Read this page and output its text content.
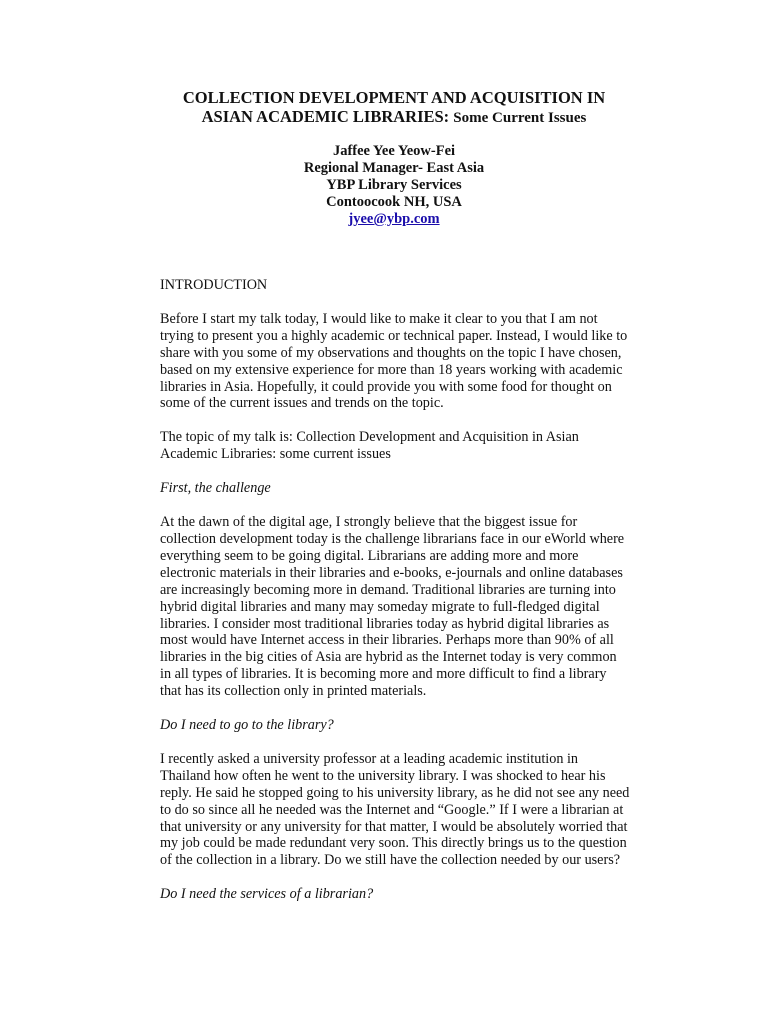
COLLECTION DEVELOPMENT AND ACQUISITION IN
ASIAN ACADEMIC LIBRARIES: Some Current Issues
Jaffee Yee Yeow-Fei
Regional Manager- East Asia
YBP Library Services
Contoocook NH, USA
jyee@ybp.com

INTRODUCTION

Before I start my talk today, I would like to make it clear to you that I am not trying to present you a highly academic or technical paper. Instead, I would like to share with you some of my observations and thoughts on the topic I have chosen, based on my extensive experience for more than 18 years working with academic libraries in Asia. Hopefully, it could provide you with some food for thought on some of the current issues and trends on the topic.

The topic of my talk is: Collection Development and Acquisition in Asian Academic Libraries: some current issues

First, the challenge

At the dawn of the digital age, I strongly believe that the biggest issue for collection development today is the challenge librarians face in our eWorld where everything seem to be going digital. Librarians are adding more and more electronic materials in their libraries and e-books, e-journals and online databases are increasingly becoming more in demand. Traditional libraries are turning into hybrid digital libraries and many may someday migrate to full-fledged digital libraries. I consider most traditional libraries today as hybrid digital libraries as most would have Internet access in their libraries. Perhaps more than 90% of all libraries in the big cities of Asia are hybrid as the Internet today is very common in all types of libraries. It is becoming more and more difficult to find a library that has its collection only in printed materials.

Do I need to go to the library?

I recently asked a university professor at a leading academic institution in Thailand how often he went to the university library. I was shocked to hear his reply. He said he stopped going to his university library, as he did not see any need to do so since all he needed was the Internet and “Google.” If I were a librarian at that university or any university for that matter, I would be absolutely worried that my job could be made redundant very soon. This directly brings us to the question of the collection in a library. Do we still have the collection needed by our users?

Do I need the services of a librarian?
